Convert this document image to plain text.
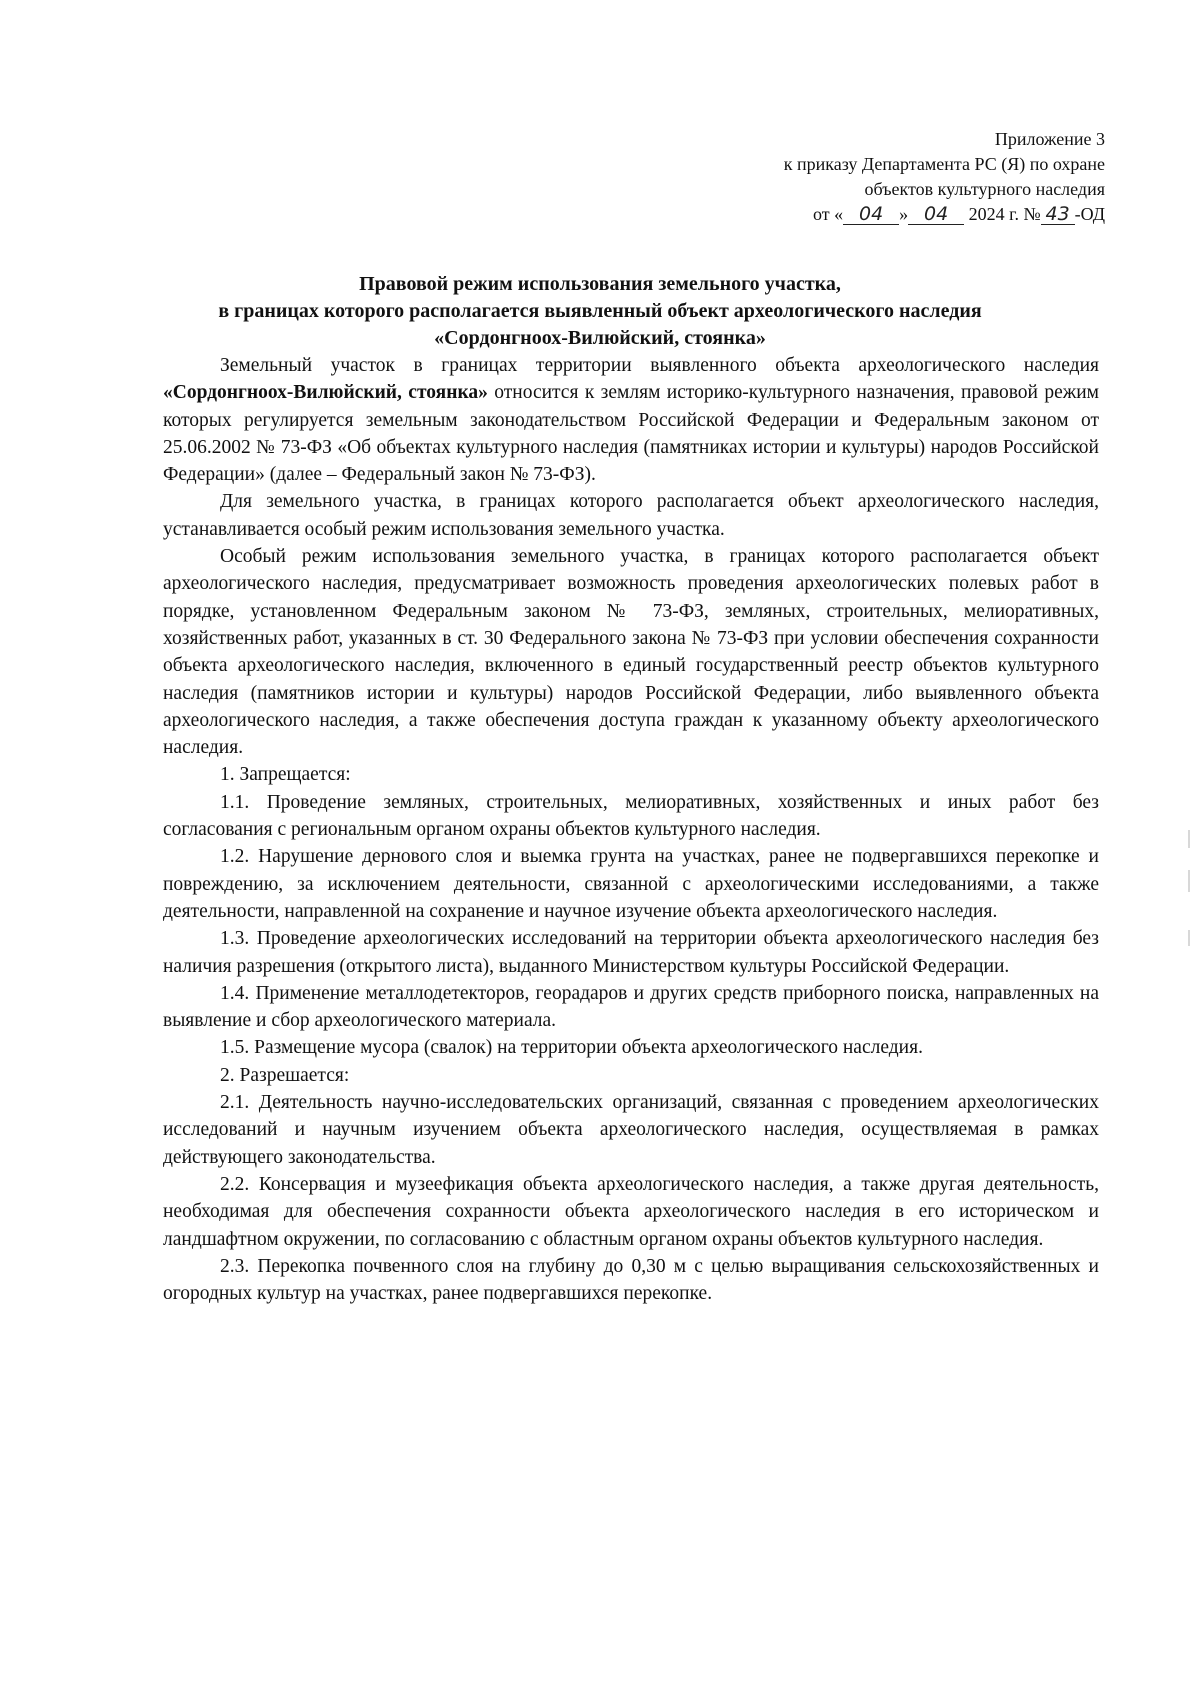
Приложение 3
к приказу Департамента РС (Я) по охране
объектов культурного наследия
от « 04 » 04 2024 г. № 43 -ОД
Правовой режим использования земельного участка,
в границах которого располагается выявленный объект археологического наследия
«Сордонгноох-Вилюйский, стоянка»

Земельный участок в границах территории выявленного объекта археологического наследия «Сордонгноох-Вилюйский, стоянка» относится к землям историко-культурного назначения, правовой режим которых регулируется земельным законодательством Российской Федерации и Федеральным законом от 25.06.2002 № 73-ФЗ «Об объектах культурного наследия (памятниках истории и культуры) народов Российской Федерации» (далее – Федеральный закон № 73-ФЗ).

Для земельного участка, в границах которого располагается объект археологического наследия, устанавливается особый режим использования земельного участка.

Особый режим использования земельного участка, в границах которого располагается объект археологического наследия, предусматривает возможность проведения археологических полевых работ в порядке, установленном Федеральным законом № 73-ФЗ, земляных, строительных, мелиоративных, хозяйственных работ, указанных в ст. 30 Федерального закона № 73-ФЗ при условии обеспечения сохранности объекта археологического наследия, включенного в единый государственный реестр объектов культурного наследия (памятников истории и культуры) народов Российской Федерации, либо выявленного объекта археологического наследия, а также обеспечения доступа граждан к указанному объекту археологического наследия.

1. Запрещается:

1.1. Проведение земляных, строительных, мелиоративных, хозяйственных и иных работ без согласования с региональным органом охраны объектов культурного наследия.

1.2. Нарушение дернового слоя и выемка грунта на участках, ранее не подвергавшихся перекопке и повреждению, за исключением деятельности, связанной с археологическими исследованиями, а также деятельности, направленной на сохранение и научное изучение объекта археологического наследия.

1.3. Проведение археологических исследований на территории объекта археологического наследия без наличия разрешения (открытого листа), выданного Министерством культуры Российской Федерации.

1.4. Применение металлодетекторов, георадаров и других средств приборного поиска, направленных на выявление и сбор археологического материала.

1.5. Размещение мусора (свалок) на территории объекта археологического наследия.

2. Разрешается:

2.1. Деятельность научно-исследовательских организаций, связанная с проведением археологических исследований и научным изучением объекта археологического наследия, осуществляемая в рамках действующего законодательства.

2.2. Консервация и музеефикация объекта археологического наследия, а также другая деятельность, необходимая для обеспечения сохранности объекта археологического наследия в его историческом и ландшафтном окружении, по согласованию с областным органом охраны объектов культурного наследия.

2.3. Перекопка почвенного слоя на глубину до 0,30 м с целью выращивания сельскохозяйственных и огородных культур на участках, ранее подвергавшихся перекопке.
